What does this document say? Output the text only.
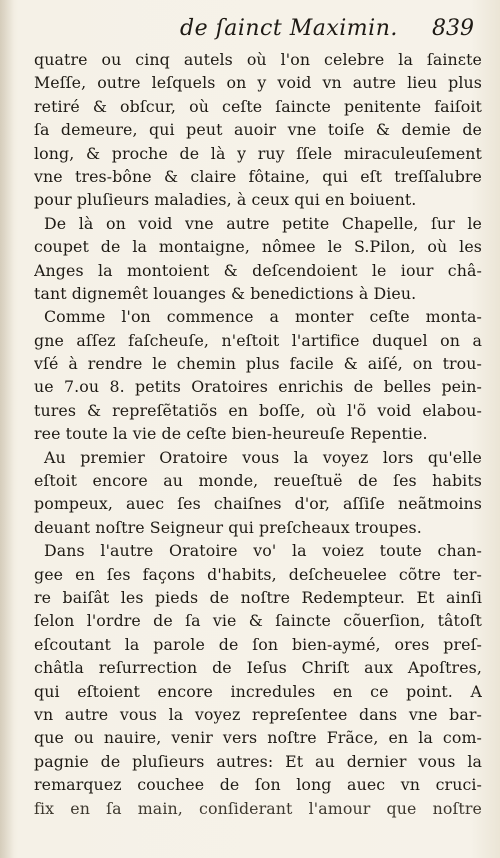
de ſainct Maximin. 839
quatre ou cinq autels où l'on celebre la ſainɛte
Meſſe, outre leſquels on y void vn autre lieu plus
retiré & obſcur, où ceſte ſaincte penitente faiſoit
ſa demeure, qui peut auoir vne toiſe & demie de
long, & proche de là y ruy ſſele miraculeuſement
vne tres-bône & claire fôtaine, qui eſt treſſalubre
pour pluſieurs maladies, à ceux qui en boiuent.
De là on void vne autre petite Chapelle, ſur le
coupet de la montaigne, nômee le S.Pilon, où les
Anges la montoient & deſcendoient le iour châ-
tant dignemêt louanges & benedictions à Dieu.
Comme l'on commence a monter ceſte monta-
gne aſſez faſcheuſe, n'eſtoit l'artifice duquel on a
vſé à rendre le chemin plus facile & aiſé, on trou-
ue 7.ou 8. petits Oratoires enrichis de belles pein-
tures & repreſẽtatiõs en boſſe, où l'õ void elabou-
ree toute la vie de ceſte bien-heureuſe Repentie.
Au premier Oratoire vous la voyez lors qu'elle
eſtoit encore au monde, reueſtuë de ſes habits
pompeux, auec ſes chaiſnes d'or, aſſiſe neãtmoins
deuant noſtre Seigneur qui preſcheaux troupes.
Dans l'autre Oratoire vo' la voiez toute chan-
gee en ſes façons d'habits, deſcheuelee cõtre ter-
re baiſât les pieds de noſtre Redempteur. Et ainſi
ſelon l'ordre de ſa vie & ſaincte cõuerſion, tâtoſt
eſcoutant la parole de ſon bien-aymé, ores preſ-
châtla reſurrection de Ieſus Chriſt aux Apoſtres,
qui eſtoient encore incredules en ce point. A
vn autre vous la voyez repreſentee dans vne bar-
que ou nauire, venir vers noſtre Frãce, en la com-
pagnie de pluſieurs autres: Et au dernier vous la
remarquez couchee de ſon long auec vn cruci-
fix en ſa main, conſiderant l'amour que noſtre
